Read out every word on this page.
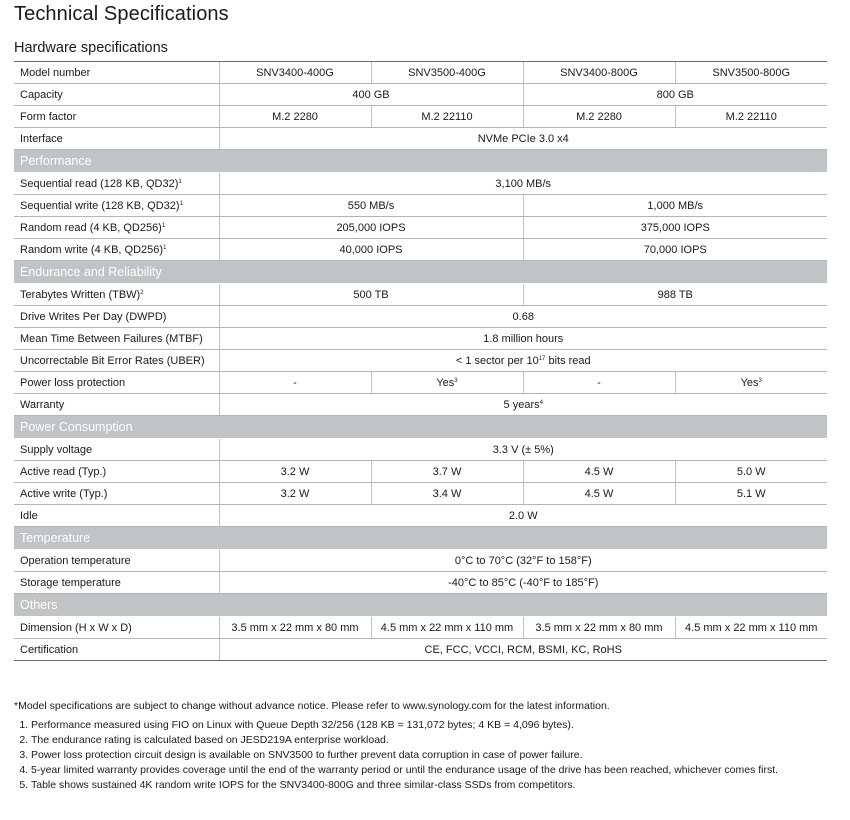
Technical Specifications
Hardware specifications
Model number	SNV3400-400G	SNV3500-400G	SNV3400-800G	SNV3500-800G
Capacity	400 GB		800 GB	
Form factor	M.2 2280	M.2 22110	M.2 2280	M.2 22110
Interface	NVMe PCIe 3.0 x4			
Performance				
Sequential read (128 KB, QD32)$^1$	3,100 MB/s			
Sequential write (128 KB, QD32)$^1$	550 MB/s		1,000 MB/s	
Random read (4 KB, QD256)$^1$	205,000 IOPS		375,000 IOPS	
Random write (4 KB, QD256)$^1$	40,000 IOPS		70,000 IOPS	
Endurance and Reliability				
Terabytes Written (TBW)$^2$	500 TB		988 TB	
Drive Writes Per Day (DWPD)	0.68			
Mean Time Between Failures (MTBF)	1.8 million hours			
Uncorrectable Bit Error Rates (UBER)	< 1 sector per $10^{17}$ bits read			
Power loss protection	-	Yes$^3$	-	Yes$^3$
Warranty	5 years$^4$
Power Consumption				
Supply voltage	3.3 V (± 5%)			
Active read (Typ.)	3.2 W	3.7 W	4.5 W	5.0 W
Active write (Typ.)	3.2 W	3.4 W	4.5 W	5.1 W
Idle	2.0 W			
Temperature				
Operation temperature	0°C to 70°C (32°F to 158°F)			
Storage temperature	-40°C to 85°C (-40°F to 185°F)			
Others				
Dimension (H x W x D)	3.5 mm x 22 mm x 80 mm	4.5 mm x 22 mm x 110 mm	3.5 mm x 22 mm x 80 mm	4.5 mm x 22 mm x 110 mm
Certification	CE, FCC, VCCI, RCM, BSMI, KC, RoHS			

*Model specifications are subject to change without advance notice. Please refer to www.synology.com for the latest information.

1. Performance measured using FIO on Linux with Queue Depth 32/256 (128 KB = 131,072 bytes; 4 KB = 4,096 bytes).
2. The endurance rating is calculated based on JESD219A enterprise workload.
3. Power loss protection circuit design is available on SNV3500 to further prevent data corruption in case of power failure.
4. 5-year limited warranty provides coverage until the end of the warranty period or until the endurance usage of the drive has been reached, whichever comes first.
5. Table shows sustained 4K random write IOPS for the SNV3400-800G and three similar-class SSDs from competitors.
